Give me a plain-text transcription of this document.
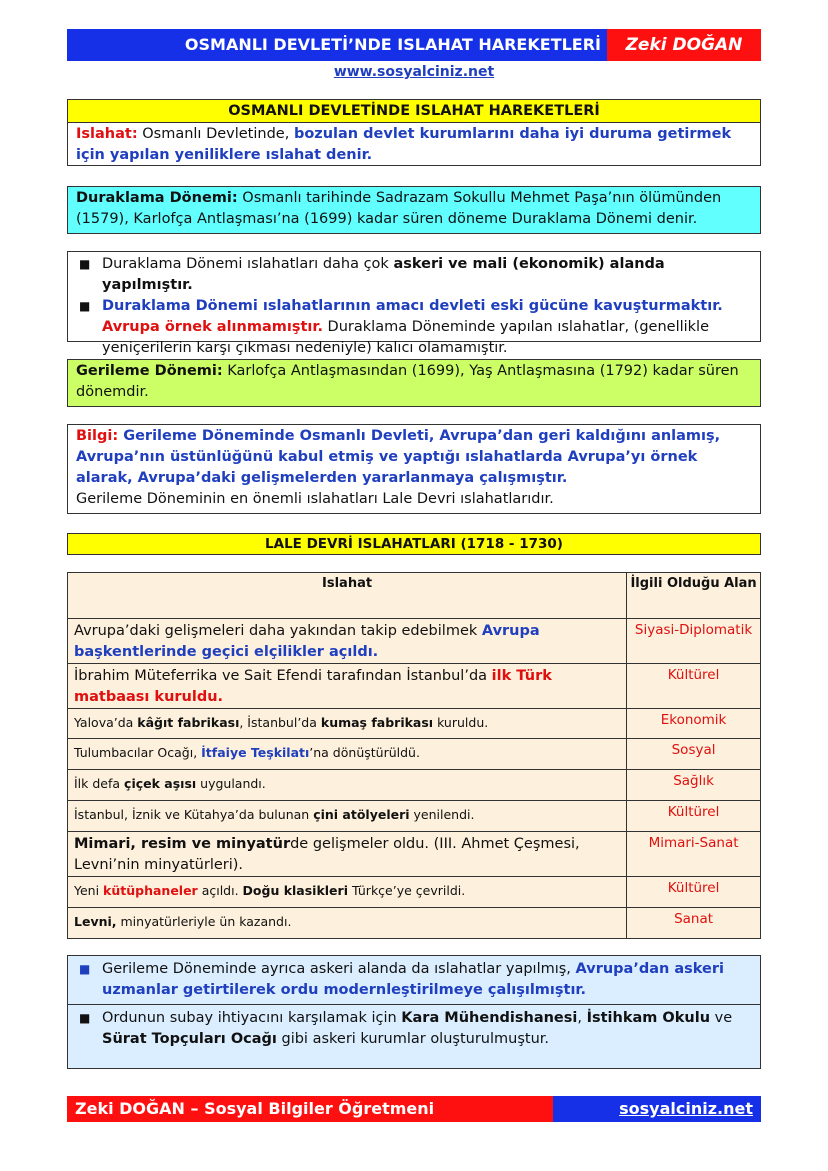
OSMANLI DEVLETİ’NDE ISLAHAT HAREKETLERİ	Zeki DOĞAN
www.sosyalciniz.net
OSMANLI DEVLETİNDE ISLAHAT HAREKETLERİ
Islahat: Osmanlı Devletinde, bozulan devlet kurumlarını daha iyi duruma getirmek için yapılan yeniliklere ıslahat denir.
Duraklama Dönemi: Osmanlı tarihinde Sadrazam Sokullu Mehmet Paşa’nın ölümünden (1579), Karlofça Antlaşması’na (1699) kadar süren döneme Duraklama Dönemi denir.
■ Duraklama Dönemi ıslahatları daha çok askeri ve mali (ekonomik) alanda yapılmıştır.
■ Duraklama Dönemi ıslahatlarının amacı devleti eski gücüne kavuşturmaktır. Avrupa örnek alınmamıştır. Duraklama Döneminde yapılan ıslahatlar, (genellikle yeniçerilerin karşı çıkması nedeniyle) kalıcı olamamıştır.
Gerileme Dönemi: Karlofça Antlaşmasından (1699), Yaş Antlaşmasına (1792) kadar süren dönemdir.
Bilgi: Gerileme Döneminde Osmanlı Devleti, Avrupa’dan geri kaldığını anlamış, Avrupa’nın üstünlüğünü kabul etmiş ve yaptığı ıslahatlarda Avrupa’yı örnek alarak, Avrupa’daki gelişmelerden yararlanmaya çalışmıştır.
Gerileme Döneminin en önemli ıslahatları Lale Devri ıslahatlarıdır.
LALE DEVRİ ISLAHATLARI (1718 - 1730)
Islahat	İlgili Olduğu Alan
Avrupa’daki gelişmeleri daha yakından takip edebilmek Avrupa başkentlerinde geçici elçilikler açıldı.	Siyasi-Diplomatik
İbrahim Müteferrika ve Sait Efendi tarafından İstanbul’da ilk Türk matbaası kuruldu.	Kültürel
Yalova’da kâğıt fabrikası, İstanbul’da kumaş fabrikası kuruldu.	Ekonomik
Tulumbacılar Ocağı, İtfaiye Teşkilatı’na dönüştürüldü.	Sosyal
İlk defa çiçek aşısı uygulandı.	Sağlık
İstanbul, İznik ve Kütahya’da bulunan çini atölyeleri yenilendi.	Kültürel
Mimari, resim ve minyatürde gelişmeler oldu. (III. Ahmet Çeşmesi, Levni’nin minyatürleri).	Mimari-Sanat
Yeni kütüphaneler açıldı. Doğu klasikleri Türkçe’ye çevrildi.	Kültürel
Levni, minyatürleriyle ün kazandı.	Sanat
■ Gerileme Döneminde ayrıca askeri alanda da ıslahatlar yapılmış, Avrupa’dan askeri uzmanlar getirtilerek ordu modernleştirilmeye çalışılmıştır.
■ Ordunun subay ihtiyacını karşılamak için Kara Mühendishanesi, İstihkam Okulu ve Sürat Topçuları Ocağı gibi askeri kurumlar oluşturulmuştur.
Zeki DOĞAN – Sosyal Bilgiler Öğretmeni	sosyalciniz.net
